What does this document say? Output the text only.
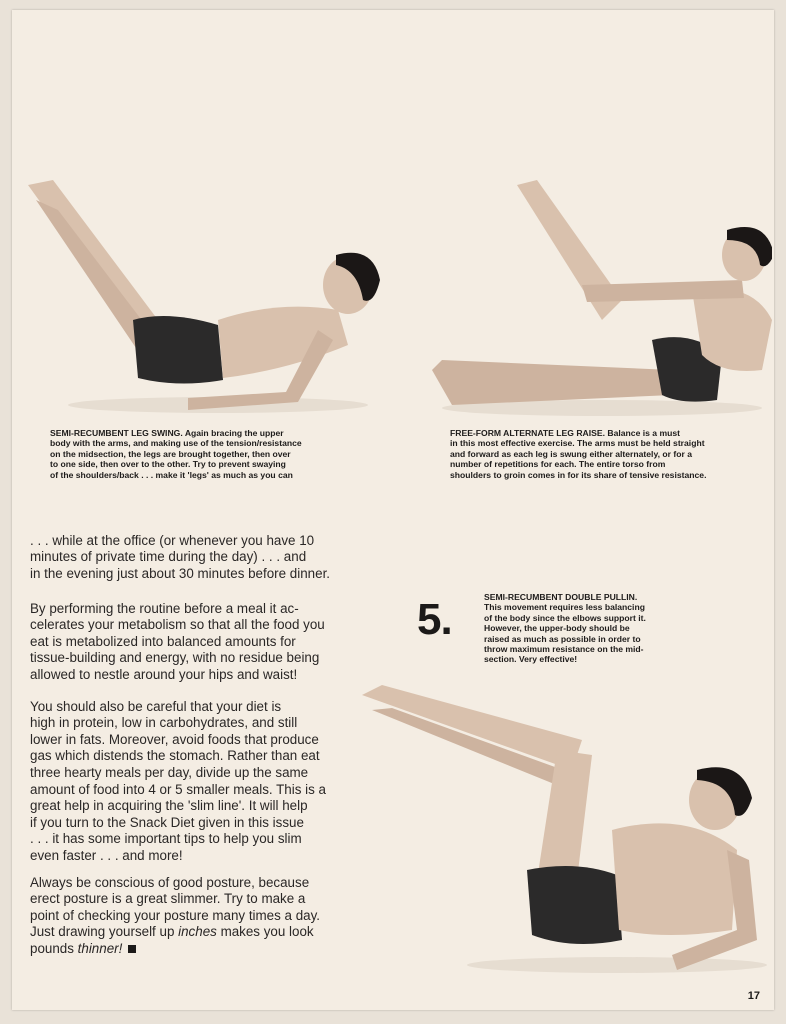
SEMI-RECUMBENT LEG SWING. Again bracing the upper
body with the arms, and making use of the tension/resistance
on the midsection, the legs are brought together, then over
to one side, then over to the other. Try to prevent swaying
of the shoulders/back . . . make it 'legs' as much as you can
FREE-FORM ALTERNATE LEG RAISE. Balance is a must
in this most effective exercise. The arms must be held straight
and forward as each leg is swung either alternately, or for a
number of repetitions for each. The entire torso from
shoulders to groin comes in for its share of tensive resistance.

. . . while at the office (or whenever you have 10
minutes of private time during the day) . . . and
in the evening just about 30 minutes before dinner.

By performing the routine before a meal it ac-
celerates your metabolism so that all the food you
eat is metabolized into balanced amounts for
tissue-building and energy, with no residue being
allowed to nestle around your hips and waist!

You should also be careful that your diet is
high in protein, low in carbohydrates, and still
lower in fats. Moreover, avoid foods that produce
gas which distends the stomach. Rather than eat
three hearty meals per day, divide up the same
amount of food into 4 or 5 smaller meals. This is a
great help in acquiring the 'slim line'. It will help
if you turn to the Snack Diet given in this issue
. . . it has some important tips to help you slim
even faster . . . and more!

Always be conscious of good posture, because
erect posture is a great slimmer. Try to make a
point of checking your posture many times a day.
Just drawing yourself up inches makes you look
pounds thinner!

5.	SEMI-RECUMBENT DOUBLE PULLIN.
This movement requires less balancing
of the body since the elbows support it.
However, the upper-body should be
raised as much as possible in order to
throw maximum resistance on the mid-
section. Very effective!
17
